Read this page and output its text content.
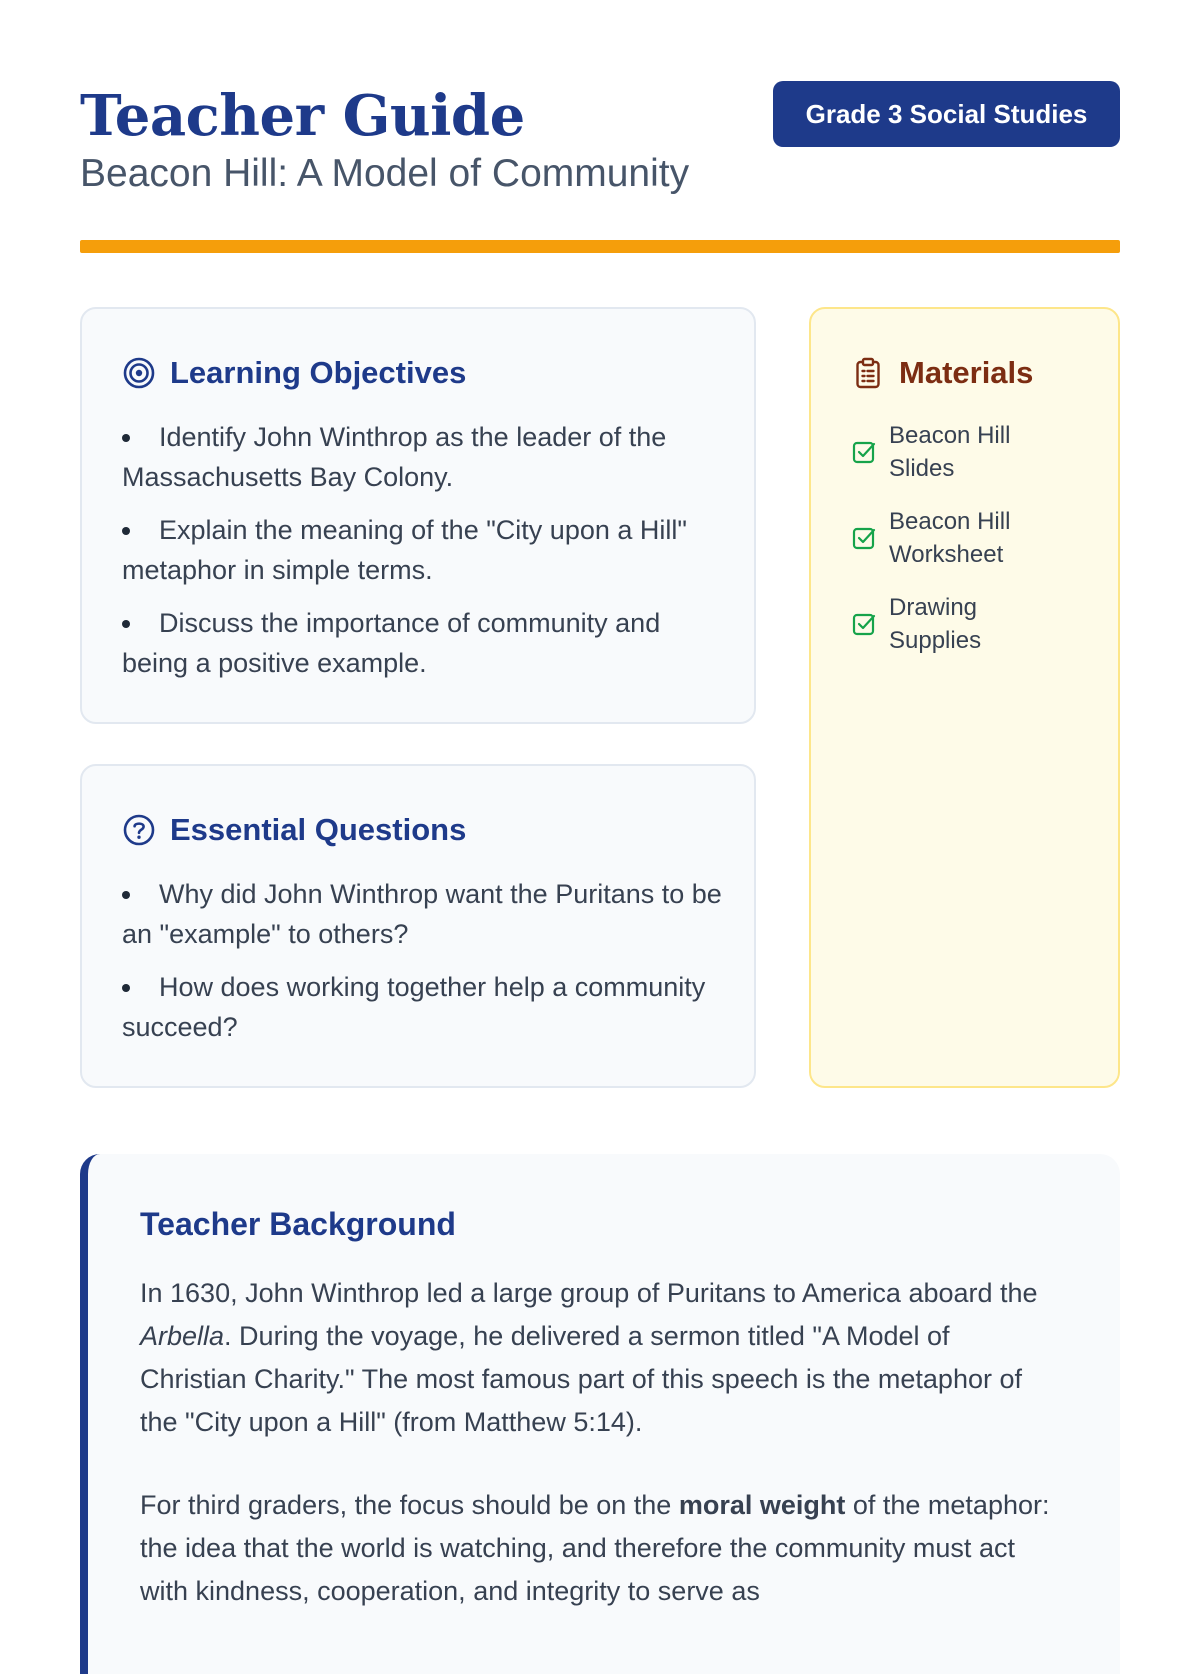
Teacher Guide

Beacon Hill: A Model of Community

Grade 3 Social Studies
Learning Objectives
Identify John Winthrop as the leader of the Massachusetts Bay Colony.
Explain the meaning of the "City upon a Hill" metaphor in simple terms.
Discuss the importance of community and being a positive example.
Essential Questions
Why did John Winthrop want the Puritans to be an "example" to others?
How does working together help a community succeed?
Materials
Beacon Hill Slides
Beacon Hill Worksheet
Drawing Supplies
Teacher Background

In 1630, John Winthrop led a large group of Puritans to America aboard the Arbella. During the voyage, he delivered a sermon titled "A Model of Christian Charity." The most famous part of this speech is the metaphor of the "City upon a Hill" (from Matthew 5:14).

For third graders, the focus should be on the moral weight of the metaphor: the idea that the world is watching, and therefore the community must act with kindness, cooperation, and integrity to serve as
